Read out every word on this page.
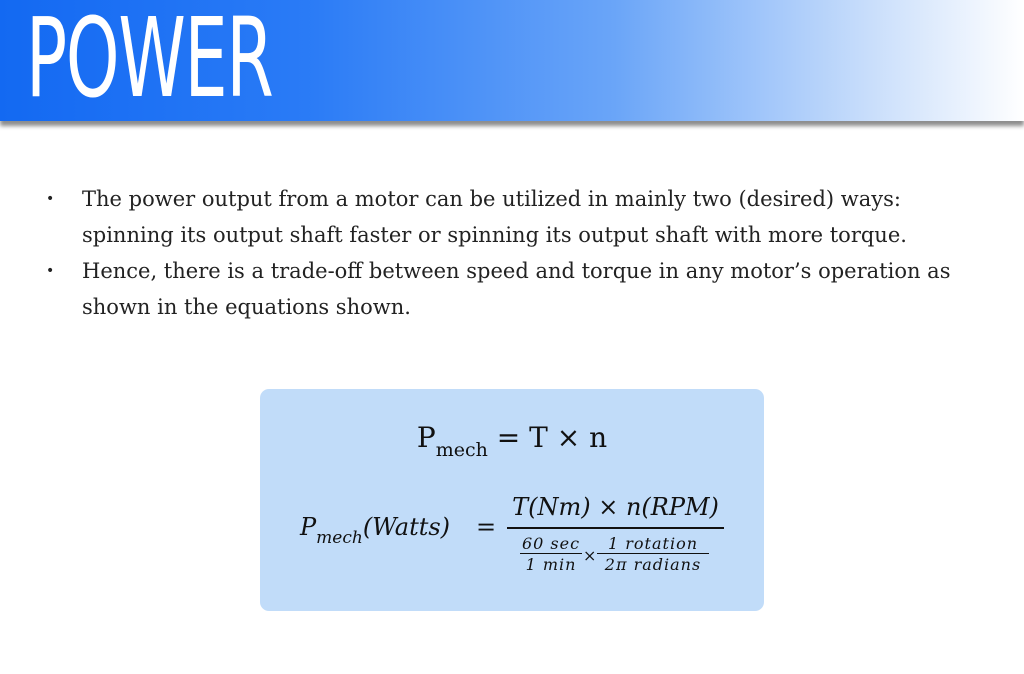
POWER
• The power output from a motor can be utilized in mainly two (desired) ways: spinning its output shaft faster or spinning its output shaft with more torque.
• Hence, there is a trade-off between speed and torque in any motor’s operation as shown in the equations shown.
$P_{mech} = T \times n$
$P_{mech}(Watts)$ =
T(Nm) × n(RPM)
60 sec
1 min ×
1 rotation
2π radians
